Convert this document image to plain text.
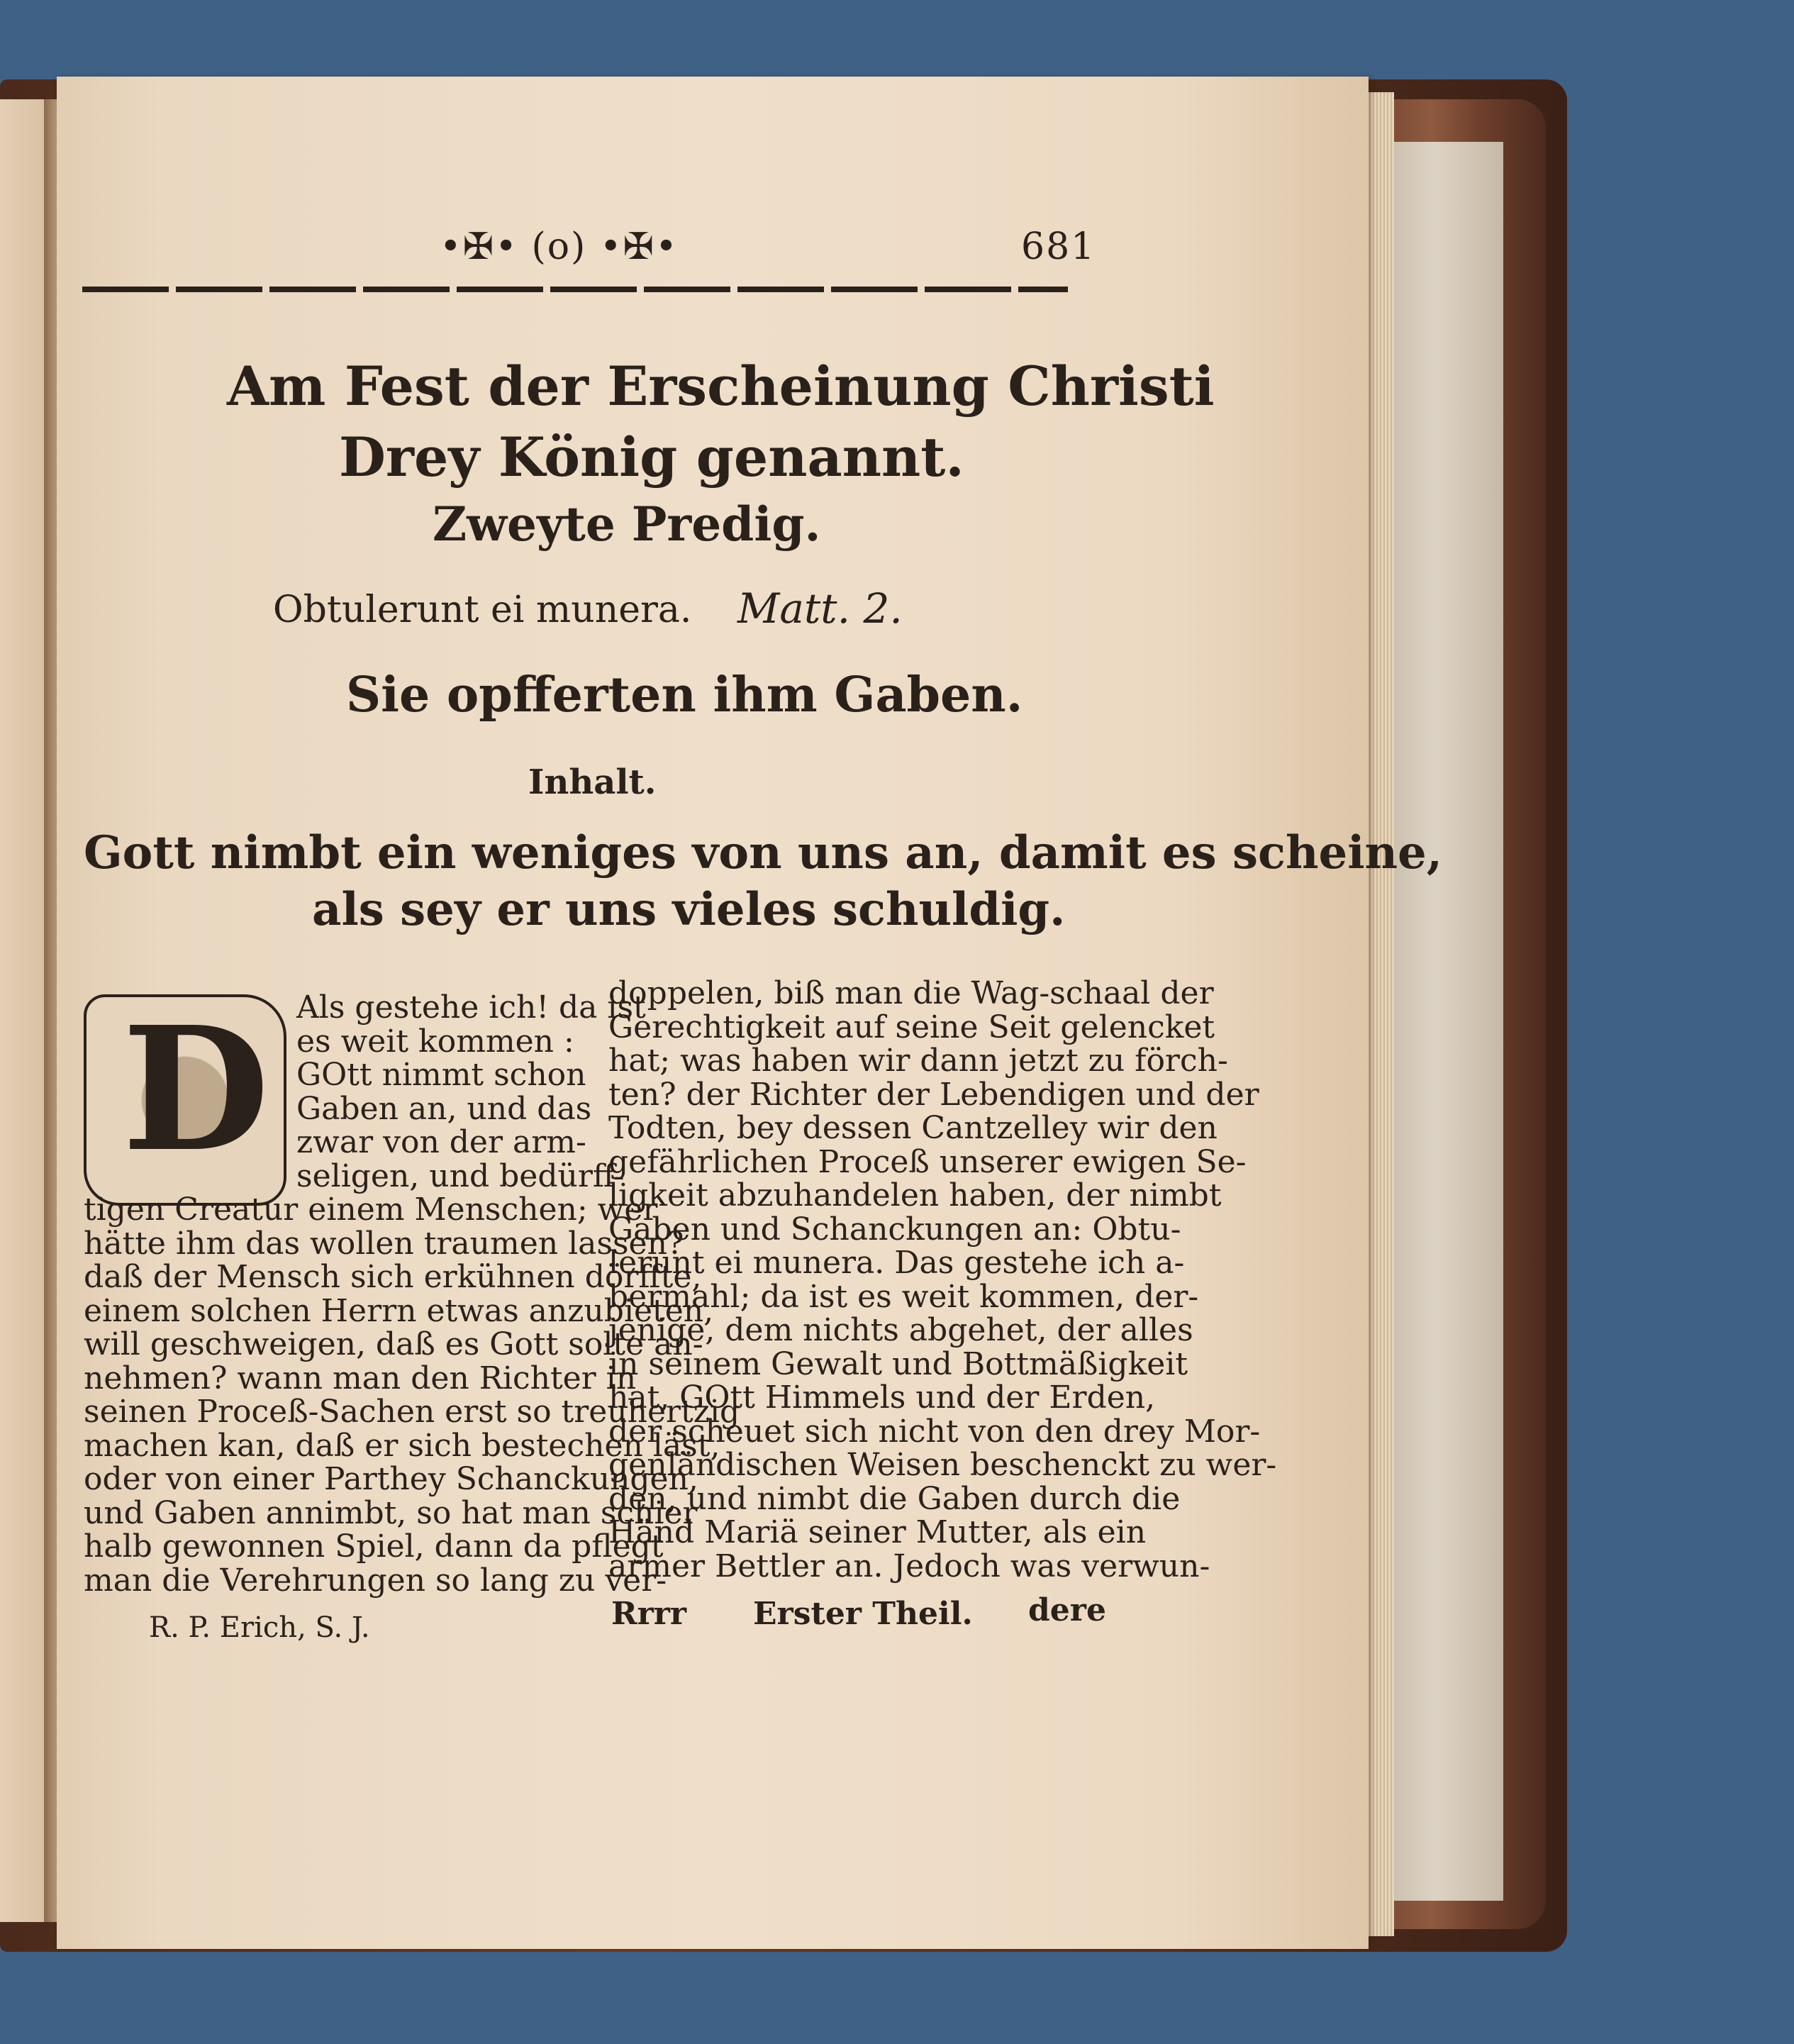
•✠• (o) •✠•	681
Am Fest der Erscheinung Christi
Drey König genannt.
Zweyte Predig.
Obtulerunt ei munera. Matt. 2.
Sie opfferten ihm Gaben.
Inhalt.
Gott nimbt ein weniges von uns an, damit es scheine,
als sey er uns vieles schuldig.
D Als gestehe ich! da ist
es weit kommen :
GOtt nimmt schon
Gaben an, und das
zwar von der arm-
seligen, und bedürff-
tigen Creatur einem Menschen; wer
hätte ihm das wollen traumen lassen?
daß der Mensch sich erkühnen dörffte,
einem solchen Herrn etwas anzubieten,
will geschweigen, daß es Gott solte an-
nehmen? wann man den Richter in
seinen Proceß-Sachen erst so treuhertzig
machen kan, daß er sich bestechen läst,
oder von einer Parthey Schanckungen,
und Gaben annimbt, so hat man schier
halb gewonnen Spiel, dann da pflegt
man die Verehrungen so lang zu ver-
R. P. Erich, S. J.
doppelen, biß man die Wag-schaal der
Gerechtigkeit auf seine Seit gelencket
hat; was haben wir dann jetzt zu förch-
ten? der Richter der Lebendigen und der
Todten, bey dessen Cantzelley wir den
gefährlichen Proceß unserer ewigen Se-
ligkeit abzuhandelen haben, der nimbt
Gaben und Schanckungen an: Obtu-
lerunt ei munera. Das gestehe ich a-
bermahl; da ist es weit kommen, der-
jenige, dem nichts abgehet, der alles
in seinem Gewalt und Bottmäßigkeit
hat, GOtt Himmels und der Erden,
der scheuet sich nicht von den drey Mor-
genländischen Weisen beschenckt zu wer-
den, und nimbt die Gaben durch die
Händ Mariä seiner Mutter, als ein
armer Bettler an. Jedoch was verwun-
Rrrr Erster Theil. dere
